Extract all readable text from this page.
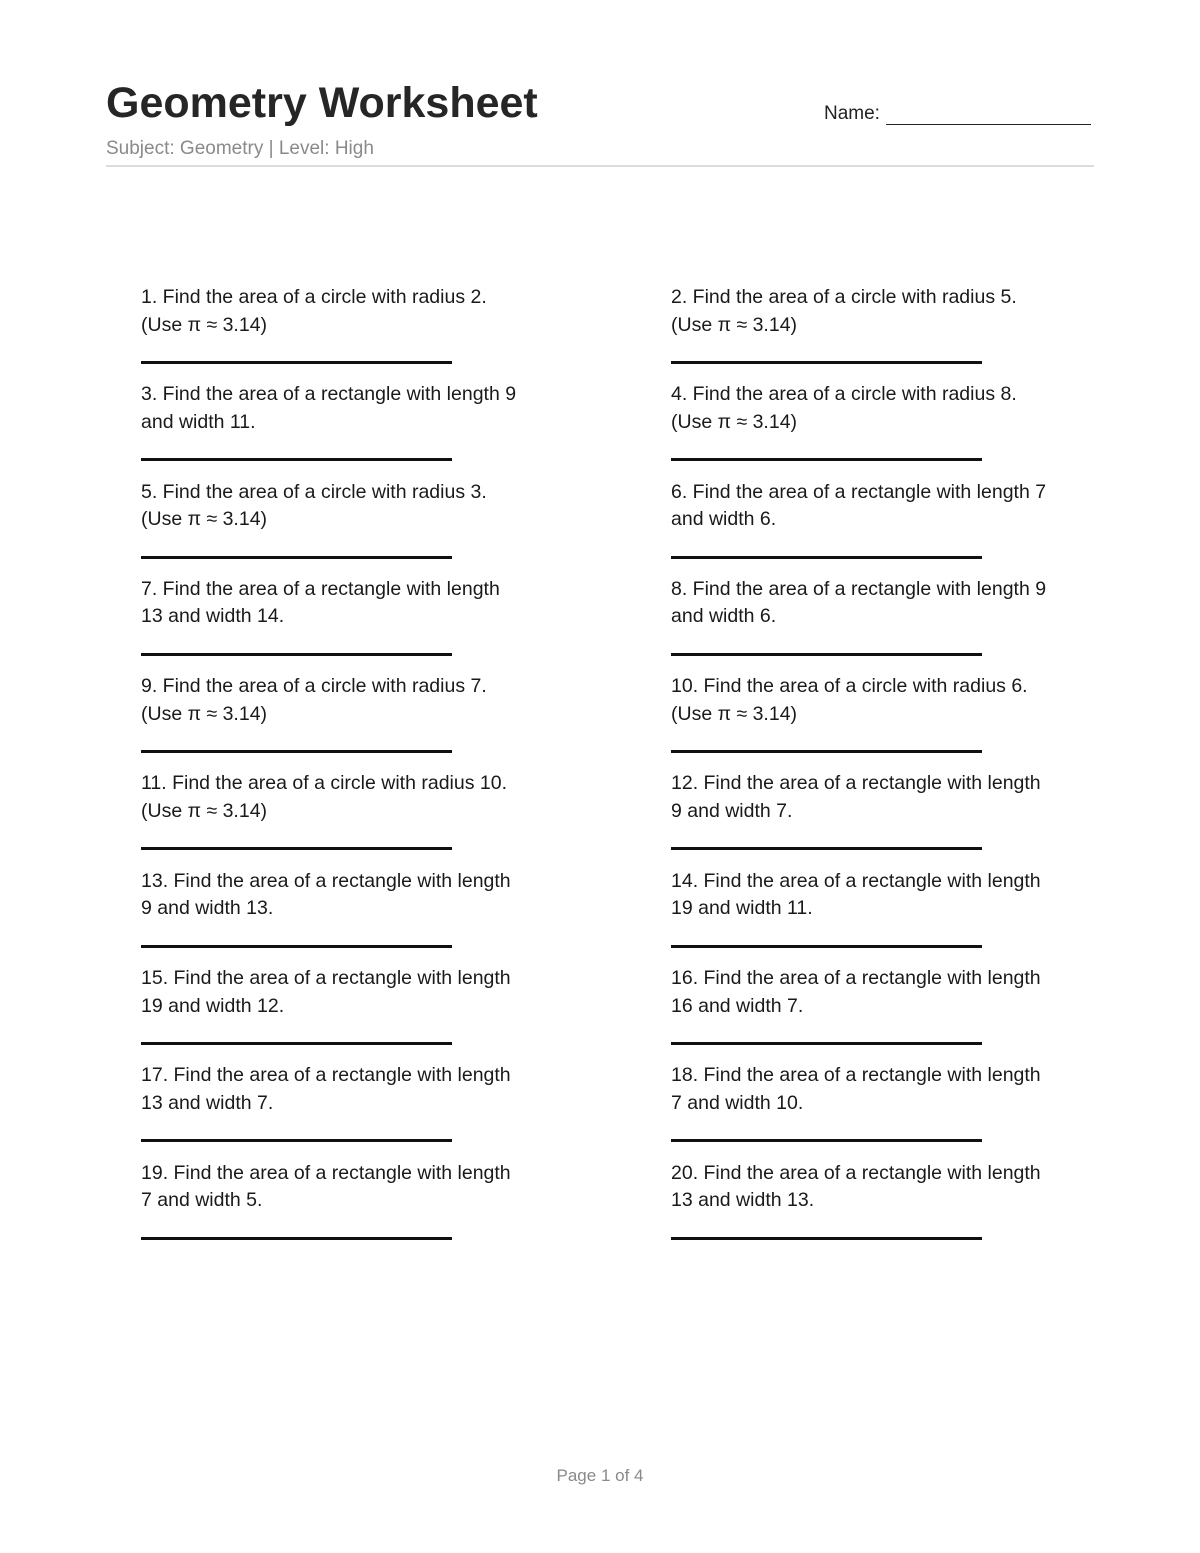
Geometry Worksheet
Subject: Geometry | Level: High
Name:
1. Find the area of a circle with radius 2.
(Use π ≈ 3.14)
2. Find the area of a circle with radius 5.
(Use π ≈ 3.14)
3. Find the area of a rectangle with length 9
and width 11.
4. Find the area of a circle with radius 8.
(Use π ≈ 3.14)
5. Find the area of a circle with radius 3.
(Use π ≈ 3.14)
6. Find the area of a rectangle with length 7
and width 6.
7. Find the area of a rectangle with length
13 and width 14.
8. Find the area of a rectangle with length 9
and width 6.
9. Find the area of a circle with radius 7.
(Use π ≈ 3.14)
10. Find the area of a circle with radius 6.
(Use π ≈ 3.14)
11. Find the area of a circle with radius 10.
(Use π ≈ 3.14)
12. Find the area of a rectangle with length
9 and width 7.
13. Find the area of a rectangle with length
9 and width 13.
14. Find the area of a rectangle with length
19 and width 11.
15. Find the area of a rectangle with length
19 and width 12.
16. Find the area of a rectangle with length
16 and width 7.
17. Find the area of a rectangle with length
13 and width 7.
18. Find the area of a rectangle with length
7 and width 10.
19. Find the area of a rectangle with length
7 and width 5.
20. Find the area of a rectangle with length
13 and width 13.
Page 1 of 4
